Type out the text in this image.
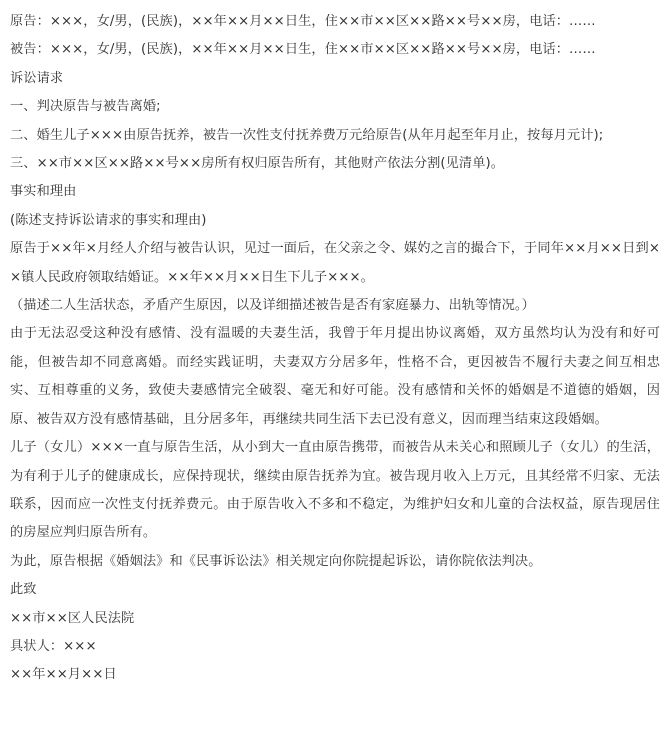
原告：×××，女/男，(民族)，××年××月××日生，住××市××区××路××号××房，电话：……

被告：×××，女/男，(民族)，××年××月××日生，住××市××区××路××号××房，电话：……

诉讼请求

一、判决原告与被告离婚;

二、婚生儿子×××由原告抚养，被告一次性支付抚养费万元给原告(从年月起至年月止，按每月元计);

三、××市××区××路××号××房所有权归原告所有，其他财产依法分割(见清单)。

事实和理由

(陈述支持诉讼请求的事实和理由)

原告于××年×月经人介绍与被告认识，见过一面后，在父亲之令、媒妁之言的撮合下，于同年××月××日到××镇人民政府领取结婚证。××年××月××日生下儿子×××。

（描述二人生活状态，矛盾产生原因，以及详细描述被告是否有家庭暴力、出轨等情况。）

由于无法忍受这种没有感情、没有温暖的夫妻生活，我曾于年月提出协议离婚，双方虽然均认为没有和好可能，但被告却不同意离婚。而经实践证明，夫妻双方分居多年，性格不合，更因被告不履行夫妻之间互相忠实、互相尊重的义务，致使夫妻感情完全破裂、毫无和好可能。没有感情和关怀的婚姻是不道德的婚姻，因原、被告双方没有感情基础，且分居多年，再继续共同生活下去已没有意义，因而理当结束这段婚姻。

儿子（女儿）×××一直与原告生活，从小到大一直由原告携带，而被告从未关心和照顾儿子（女儿）的生活，为有利于儿子的健康成长，应保持现状，继续由原告抚养为宜。被告现月收入上万元，且其经常不归家、无法联系，因而应一次性支付抚养费元。由于原告收入不多和不稳定，为维护妇女和儿童的合法权益，原告现居住的房屋应判归原告所有。

为此，原告根据《婚姻法》和《民事诉讼法》相关规定向你院提起诉讼，请你院依法判决。

此致

××市××区人民法院

具状人：×××

××年××月××日
